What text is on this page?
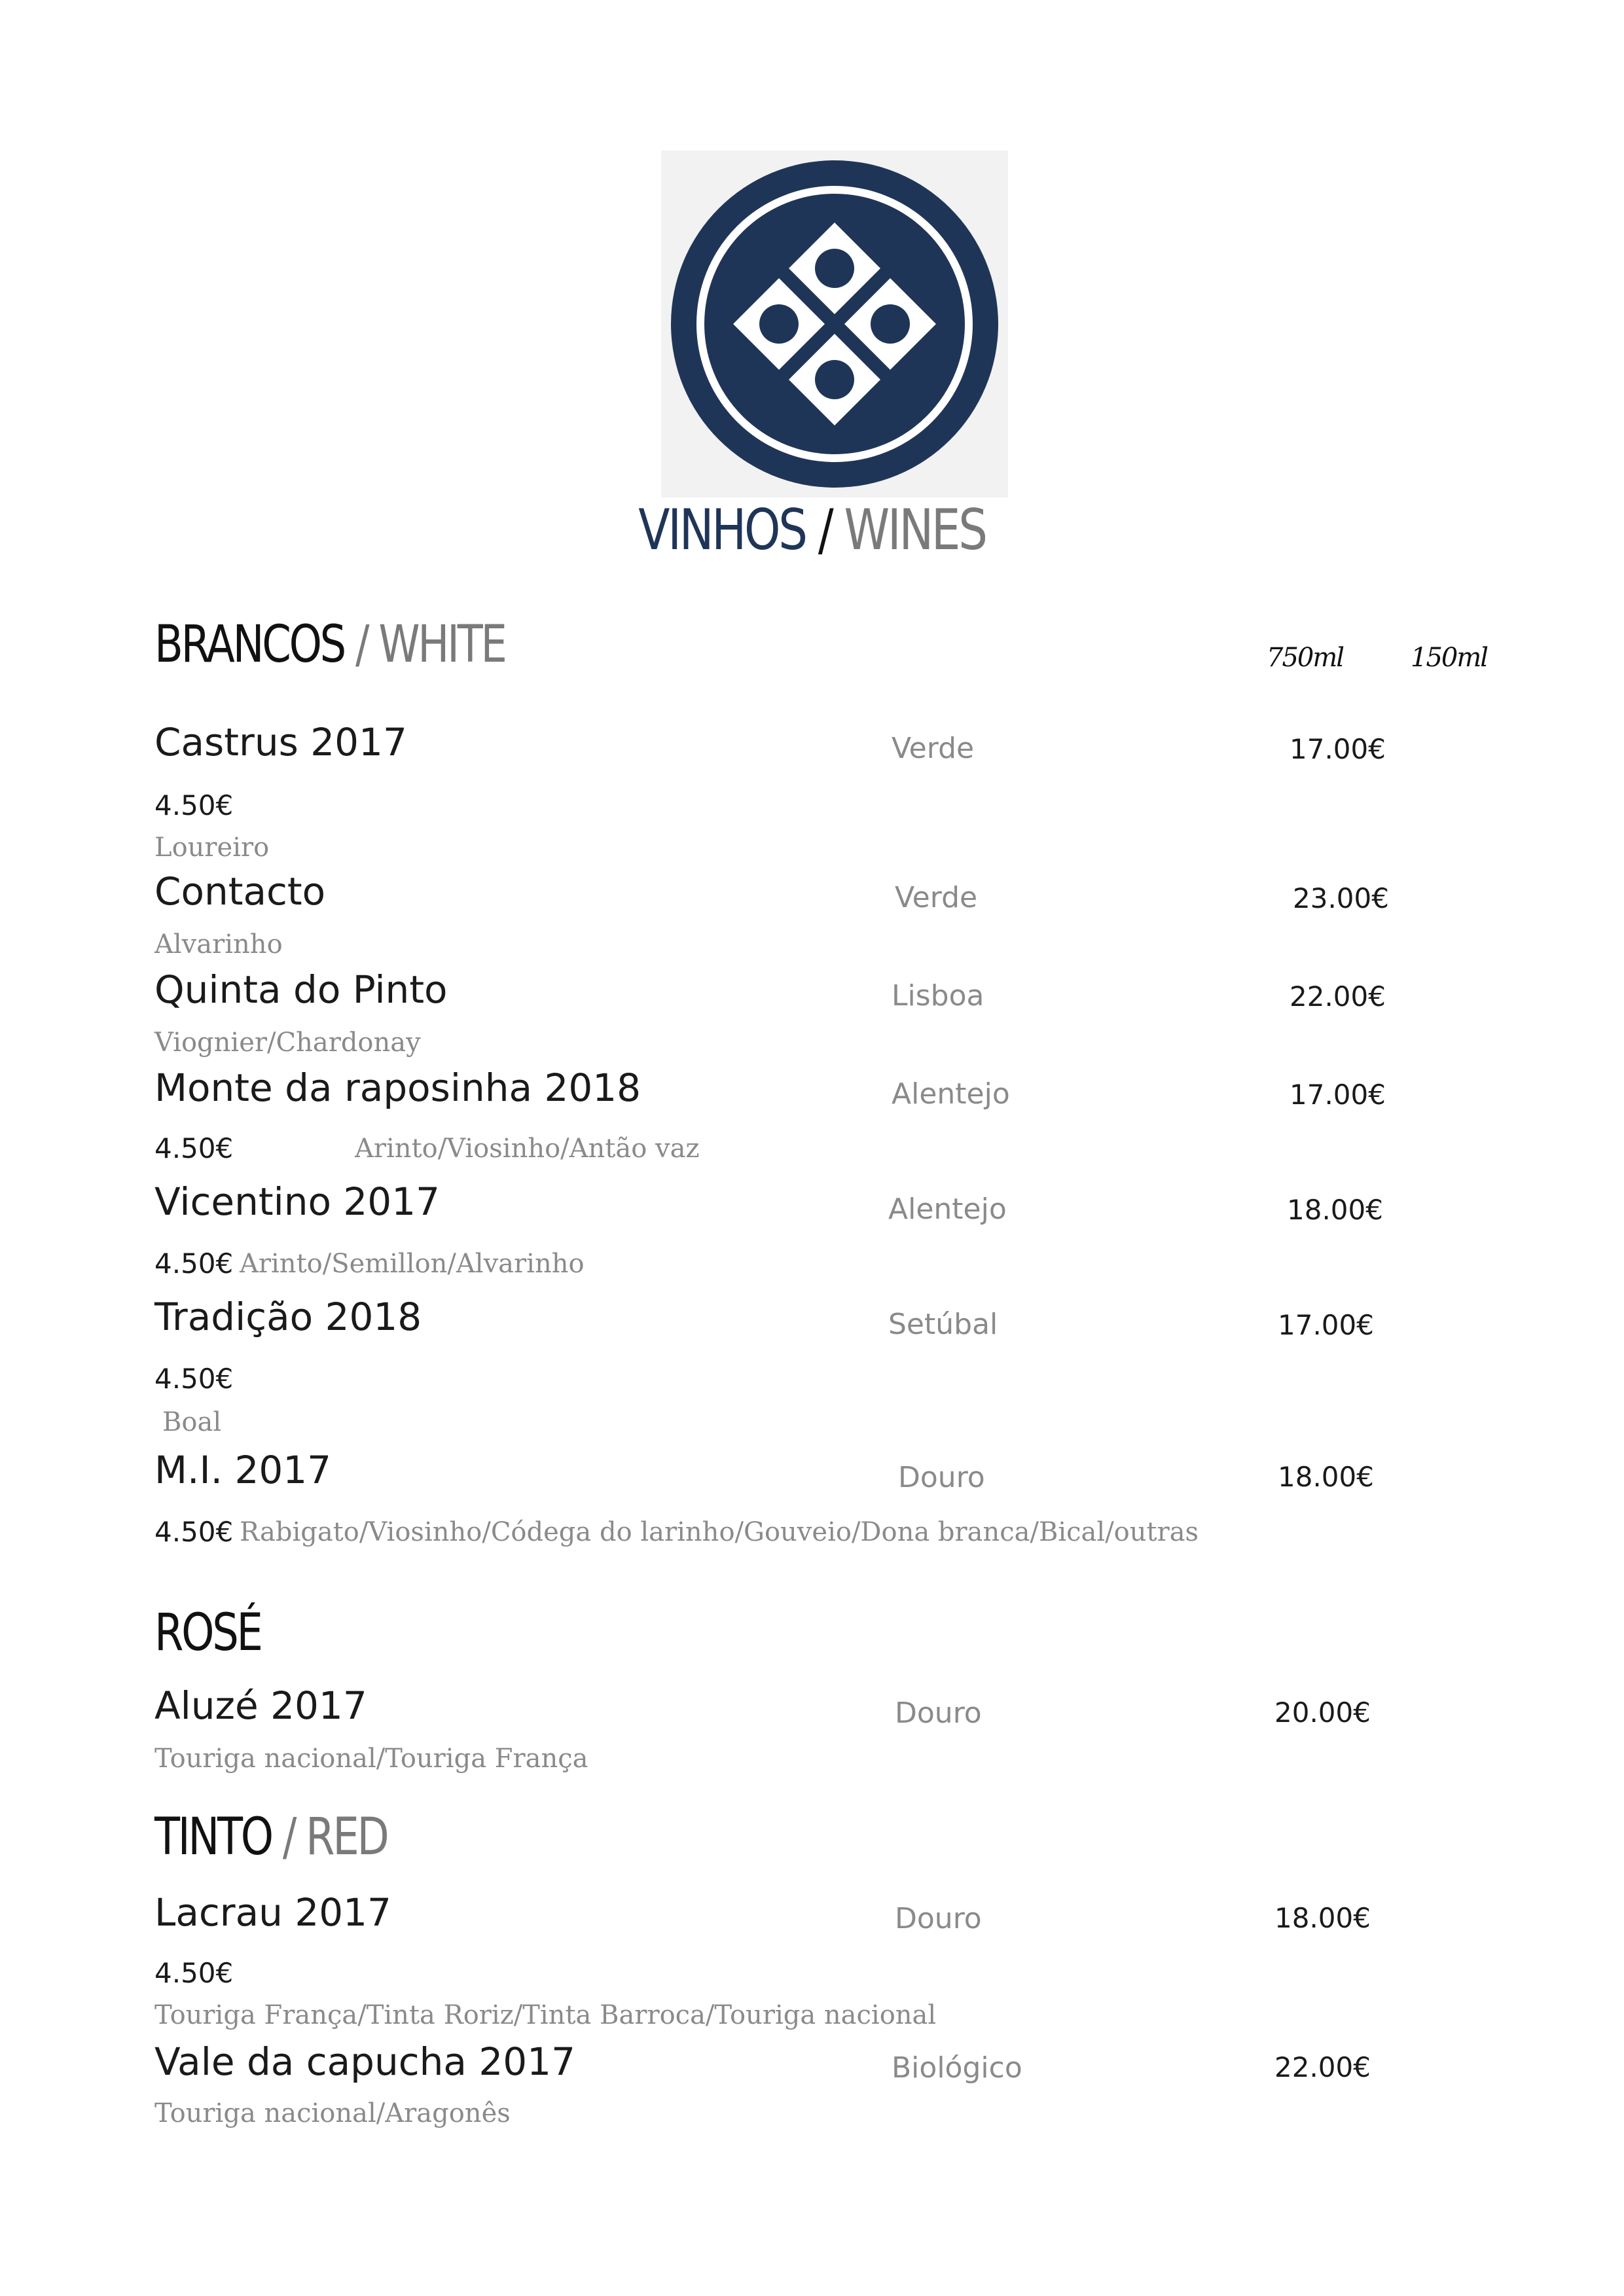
VINHOS / WINES
BRANCOS / WHITE	750ml	150ml
Castrus 2017	Verde	17.00€
4.50€
Loureiro
Contacto	Verde	23.00€
Alvarinho
Quinta do Pinto	Lisboa	22.00€
Viognier/Chardonay
Monte da raposinha 2018	Alentejo	17.00€
4.50€	Arinto/Viosinho/Antão vaz
Vicentino 2017	Alentejo	18.00€
4.50€ Arinto/Semillon/Alvarinho
Tradição 2018	Setúbal	17.00€
4.50€
Boal
M.I. 2017	Douro	18.00€
4.50€ Rabigato/Viosinho/Códega do larinho/Gouveio/Dona branca/Bical/outras
ROSÉ
Aluzé 2017	Douro	20.00€
Touriga nacional/Touriga França
TINTO / RED
Lacrau 2017	Douro	18.00€
4.50€
Touriga França/Tinta Roriz/Tinta Barroca/Touriga nacional
Vale da capucha 2017	Biológico	22.00€
Touriga nacional/Aragonês
